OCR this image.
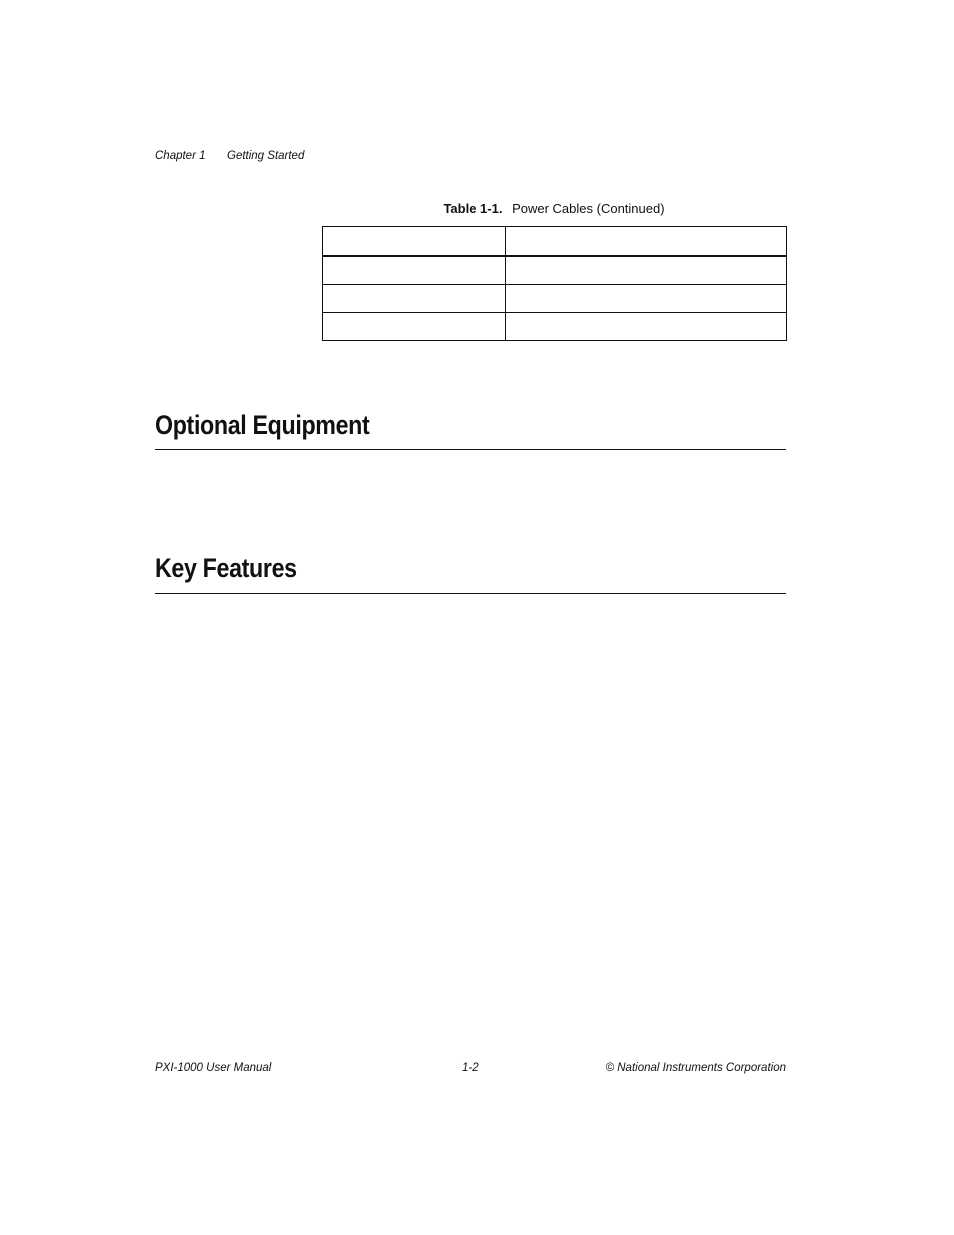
Chapter 1 Getting Started
Table 1-1. Power Cables (Continued)

Optional Equipment
Key Features
PXI-1000 User Manual	1-2	© National Instruments Corporation
